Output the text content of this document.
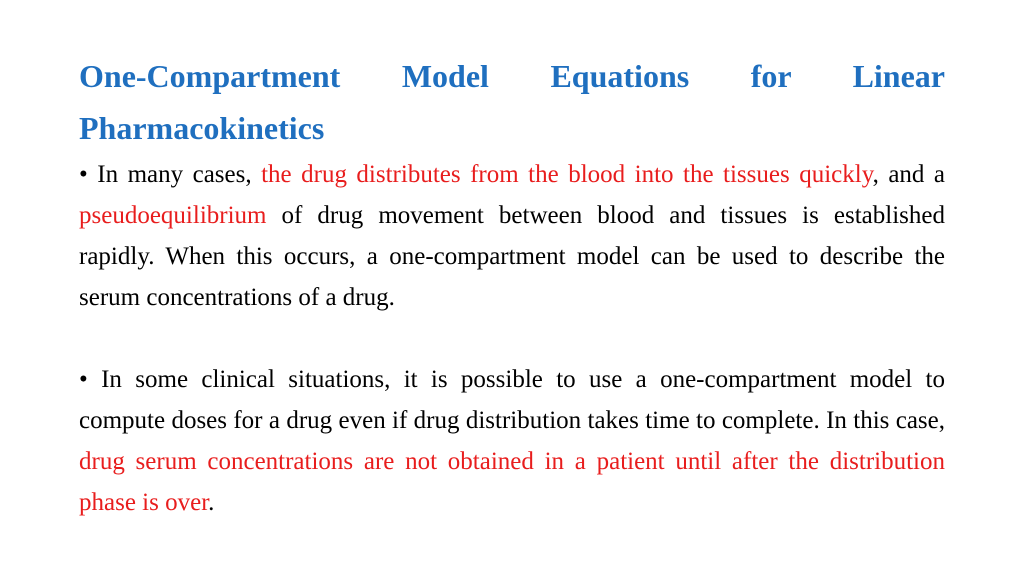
One-Compartment Model Equations for Linear Pharmacokinetics

• In many cases, the drug distributes from the blood into the tissues quickly, and a pseudoequilibrium of drug movement between blood and tissues is established rapidly. When this occurs, a one-compartment model can be used to describe the serum concentrations of a drug.

• In some clinical situations, it is possible to use a one-compartment model to compute doses for a drug even if drug distribution takes time to complete. In this case, drug serum concentrations are not obtained in a patient until after the distribution phase is over.
